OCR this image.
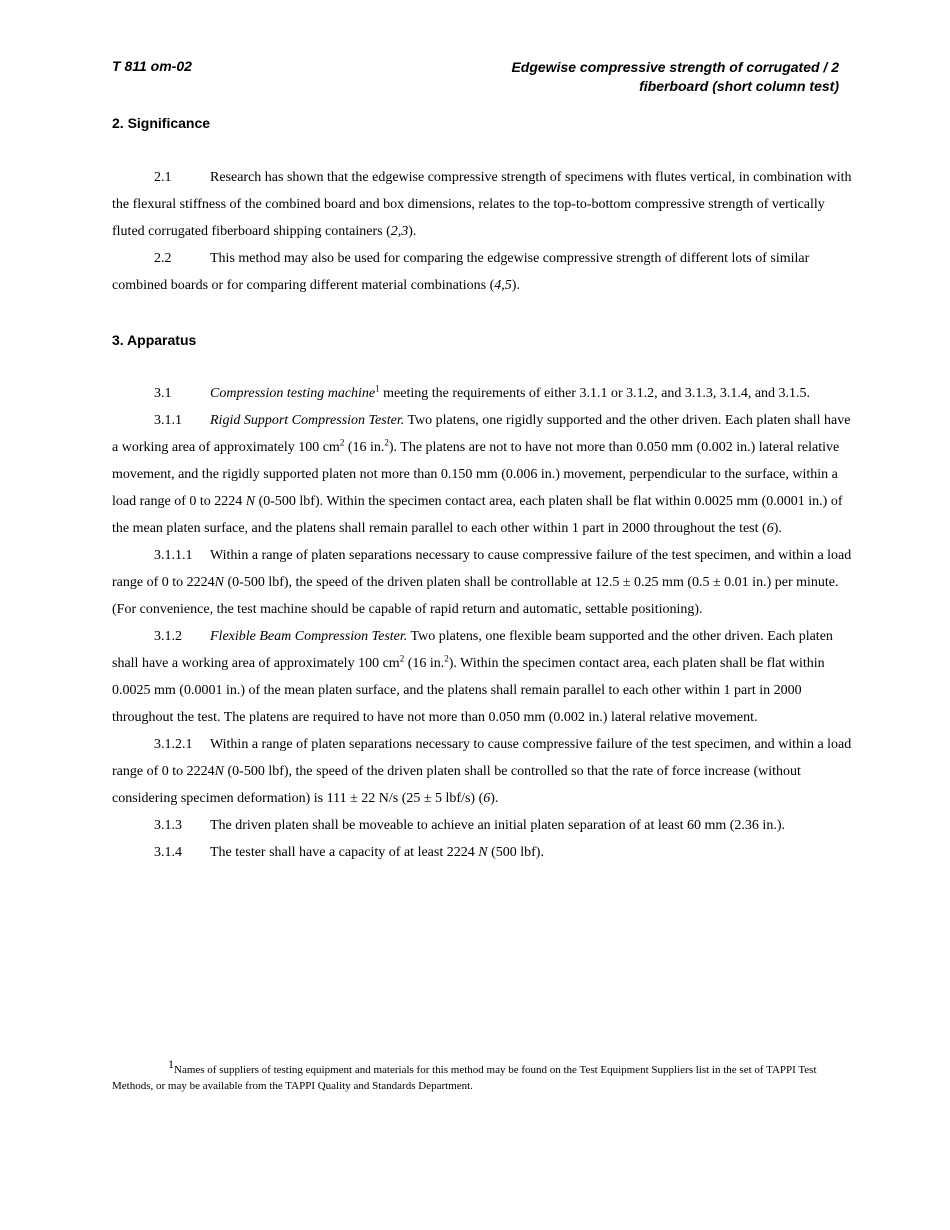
T 811 om-02	Edgewise compressive strength of corrugated / 2
fiberboard (short column test)
2. Significance

2.1	Research has shown that the edgewise compressive strength of specimens with flutes vertical, in combination with the flexural stiffness of the combined board and box dimensions, relates to the top-to-bottom compressive strength of vertically fluted corrugated fiberboard shipping containers (2,3).

2.2	This method may also be used for comparing the edgewise compressive strength of different lots of similar combined boards or for comparing different material combinations (4,5).

3. Apparatus

3.1	Compression testing machine$^1$ meeting the requirements of either 3.1.1 or 3.1.2, and 3.1.3, 3.1.4, and 3.1.5.

3.1.1 Rigid Support Compression Tester. Two platens, one rigidly supported and the other driven. Each platen shall have a working area of approximately 100 $cm^2$ (16 in.$^2$). The platens are not to have not more than 0.050 mm (0.002 in.) lateral relative movement, and the rigidly supported platen not more than 0.150 mm (0.006 in.) movement, perpendicular to the surface, within a load range of 0 to 2224 N (0-500 lbf). Within the specimen contact area, each platen shall be flat within 0.0025 mm (0.0001 in.) of the mean platen surface, and the platens shall remain parallel to each other within 1 part in 2000 throughout the test (6).

3.1.1.1 Within a range of platen separations necessary to cause compressive failure of the test specimen, and within a load range of 0 to 2224N (0-500 lbf), the speed of the driven platen shall be controllable at 12.5 ± 0.25 mm (0.5 ± 0.01 in.) per minute. (For convenience, the test machine should be capable of rapid return and automatic, settable positioning).

3.1.2 Flexible Beam Compression Tester. Two platens, one flexible beam supported and the other driven. Each platen shall have a working area of approximately 100 $cm^2$ (16 in.$^2$). Within the specimen contact area, each platen shall be flat within 0.0025 mm (0.0001 in.) of the mean platen surface, and the platens shall remain parallel to each other within 1 part in 2000 throughout the test. The platens are required to have not more than 0.050 mm (0.002 in.) lateral relative movement.

3.1.2.1 Within a range of platen separations necessary to cause compressive failure of the test specimen, and within a load range of 0 to 2224N (0-500 lbf), the speed of the driven platen shall be controlled so that the rate of force increase (without considering specimen deformation) is 111 ± 22 N/s (25 ± 5 lbf/s) (6).

3.1.3 The driven platen shall be moveable to achieve an initial platen separation of at least 60 mm (2.36 in.).

3.1.4 The tester shall have a capacity of at least 2224 N (500 lbf).

1Names of suppliers of testing equipment and materials for this method may be found on the Test Equipment Suppliers list in the set of TAPPI Test Methods, or may be available from the TAPPI Quality and Standards Department.
